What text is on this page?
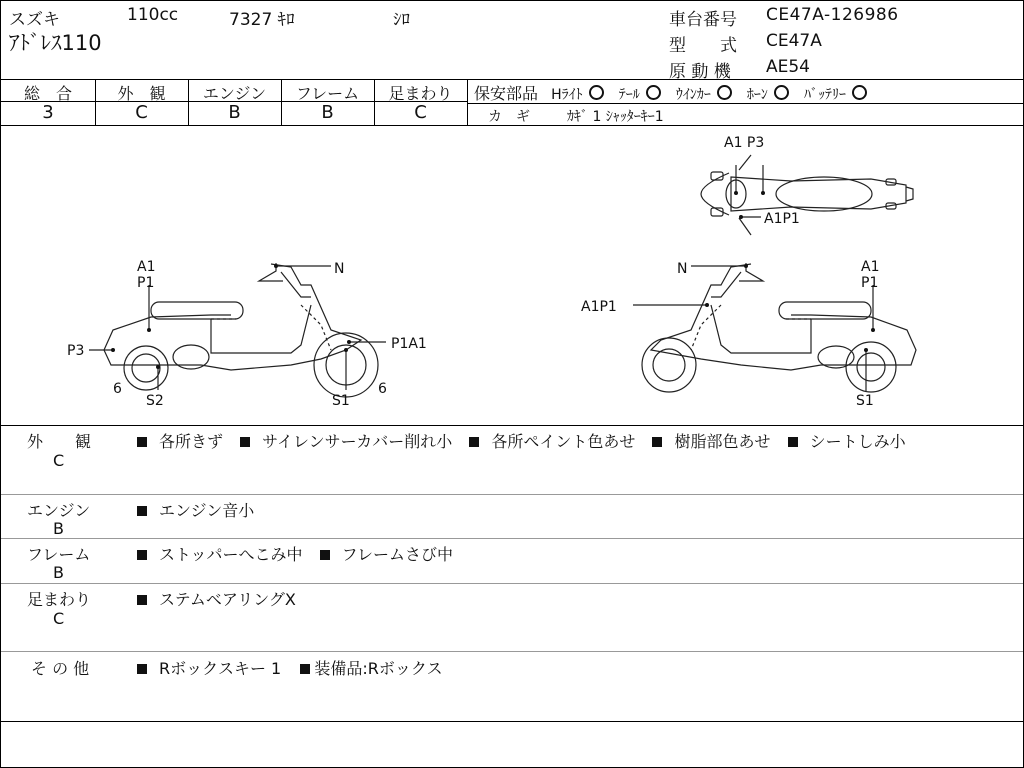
スズキ	110cc	7327 ｷﾛ	ｼﾛ
ｱﾄﾞﾚｽ110
車台番号 CE47A-126986
型　　式 CE47A
原 動 機 AE54
総　合	外　観	エンジン	フレーム	足まわり
3	C	B	B	C
保安部品 Hﾗｲﾄ	ﾃｰﾙ	ｳｲﾝｶｰ	ﾎｰﾝ	ﾊﾞｯﾃﾘｰ
カ　ギ	ｶｷﾞ 1 ｼｬｯﾀｰｷｰ1
A1 P3
A1P1
A1
P1
N
P3	P1A1
6
S2	S1
6
N	A1
P1
A1P1
S1
外　　観
C
各所きず サイレンサーカバー削れ小 各所ペイント色あせ 樹脂部色あせ シートしみ小
エンジン
B
エンジン音小
フレーム
B
ストッパーへこみ中 フレームさび中
足まわり
C
ステムベアリングX
そ の 他	Rボックスキー 1 装備品:Rボックス
